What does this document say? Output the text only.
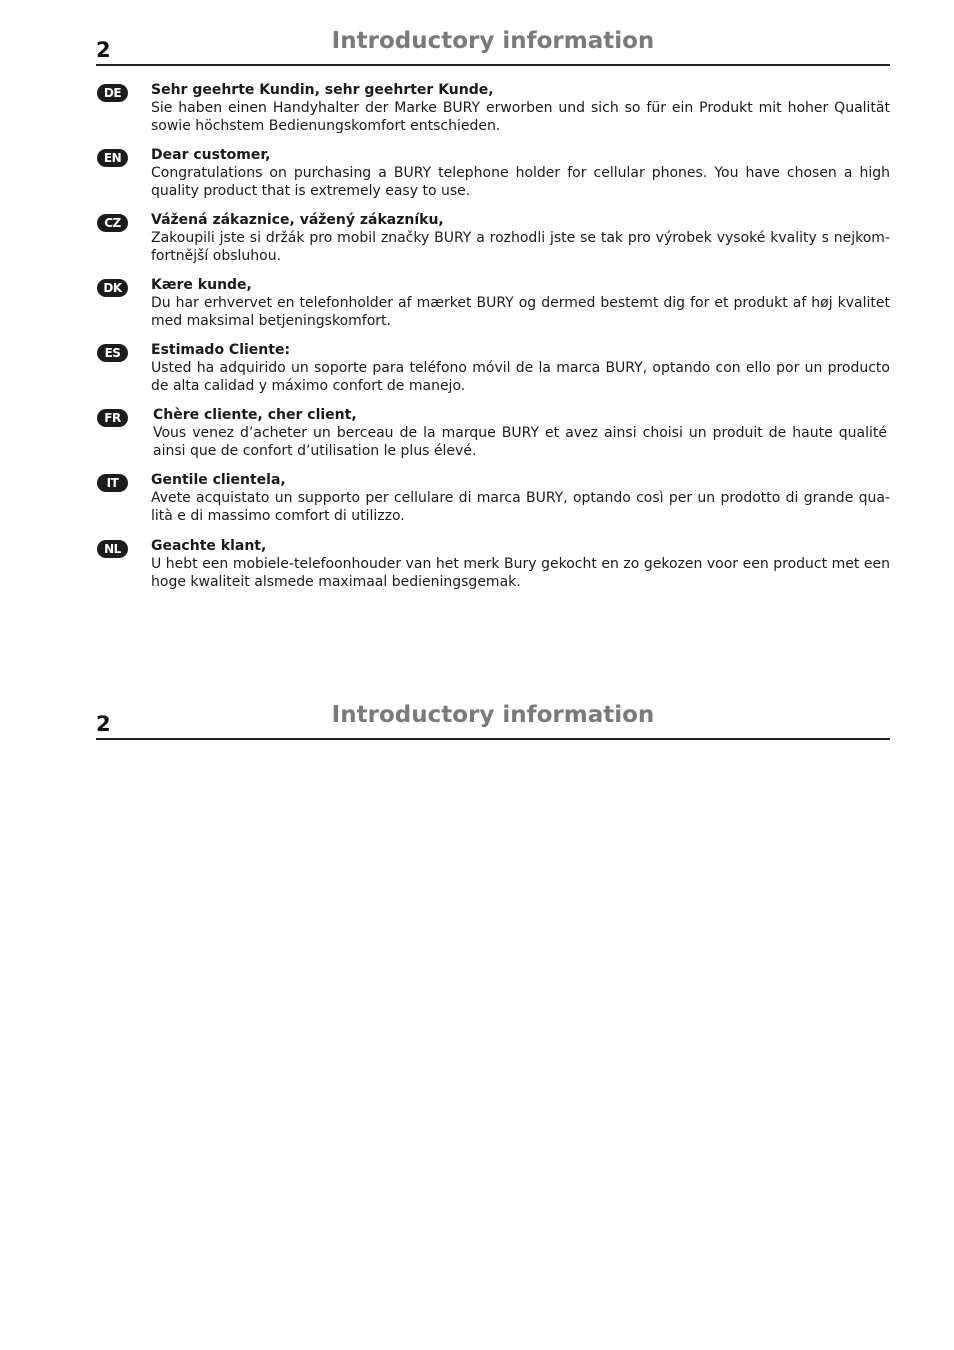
2	Introductory information
DE	Sehr geehrte Kundin, sehr geehrter Kunde,
Sie haben einen Handyhalter der Marke BURY erworben und sich so für ein Produkt mit hoher Qualität sowie höchstem Bedienungskomfort entschieden.
EN	Dear customer,
Congratulations on purchasing a BURY telephone holder for cellular phones. You have chosen a high quality product that is extremely easy to use.
CZ	Vážená zákaznice, vážený zákazníku,
Zakoupili jste si držák pro mobil značky BURY a rozhodli jste se tak pro výrobek vysoké kvality s nejkom-fortnější obsluhou.
DK	Kære kunde,
Du har erhvervet en telefonholder af mærket BURY og dermed bestemt dig for et produkt af høj kvalitet med maksimal betjeningskomfort.
ES	Estimado Cliente:
Usted ha adquirido un soporte para teléfono móvil de la marca BURY, optando con ello por un producto de alta calidad y máximo confort de manejo.
FR	Chère cliente, cher client,
Vous venez d’acheter un berceau de la marque BURY et avez ainsi choisi un produit de haute qualité ainsi que de confort d’utilisation le plus élevé.
IT	Gentile clientela,
Avete acquistato un supporto per cellulare di marca BURY, optando così per un prodotto di grande qua-lità e di massimo comfort di utilizzo.
NL	Geachte klant,
U hebt een mobiele-telefoonhouder van het merk Bury gekocht en zo gekozen voor een product met een hoge kwaliteit alsmede maximaal bedieningsgemak.
2	Introductory information
